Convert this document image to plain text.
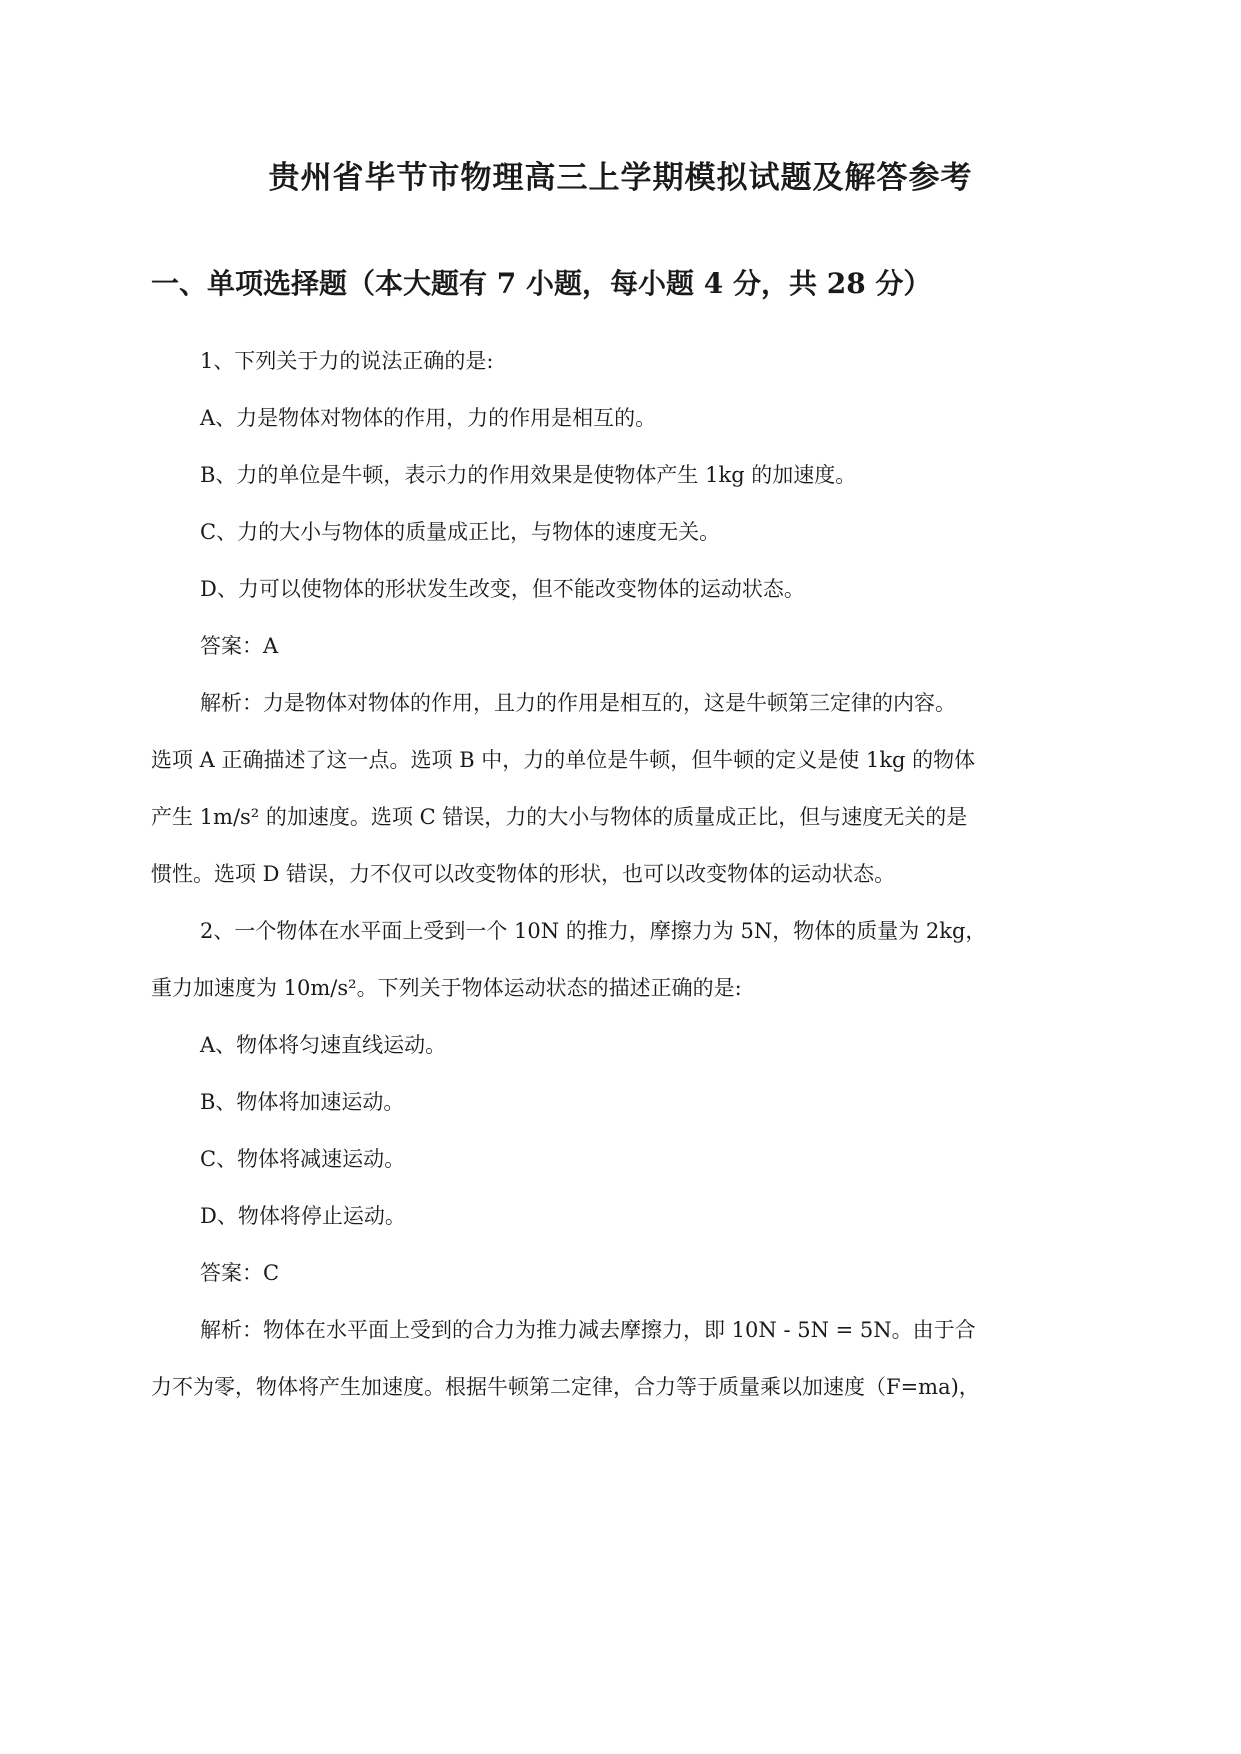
贵州省毕节市物理高三上学期模拟试题及解答参考
一、单项选择题（本大题有 7 小题，每小题 4 分，共 28 分）

1、下列关于力的说法正确的是:

A、力是物体对物体的作用，力的作用是相互的。

B、力的单位是牛顿，表示力的作用效果是使物体产生 1kg 的加速度。

C、力的大小与物体的质量成正比，与物体的速度无关。

D、力可以使物体的形状发生改变，但不能改变物体的运动状态。

答案：A

解析：力是物体对物体的作用，且力的作用是相互的，这是牛顿第三定律的内容。

选项 A 正确描述了这一点。选项 B 中，力的单位是牛顿，但牛顿的定义是使 1kg 的物体

产生 1m/s² 的加速度。选项 C 错误，力的大小与物体的质量成正比，但与速度无关的是

惯性。选项 D 错误，力不仅可以改变物体的形状，也可以改变物体的运动状态。

2、一个物体在水平面上受到一个 10N 的推力，摩擦力为 5N，物体的质量为 2kg，

重力加速度为 10m/s²。下列关于物体运动状态的描述正确的是:

A、物体将匀速直线运动。

B、物体将加速运动。

C、物体将减速运动。

D、物体将停止运动。

答案：C

解析：物体在水平面上受到的合力为推力减去摩擦力，即 10N - 5N = 5N。由于合

力不为零，物体将产生加速度。根据牛顿第二定律，合力等于质量乘以加速度（F=ma)，
